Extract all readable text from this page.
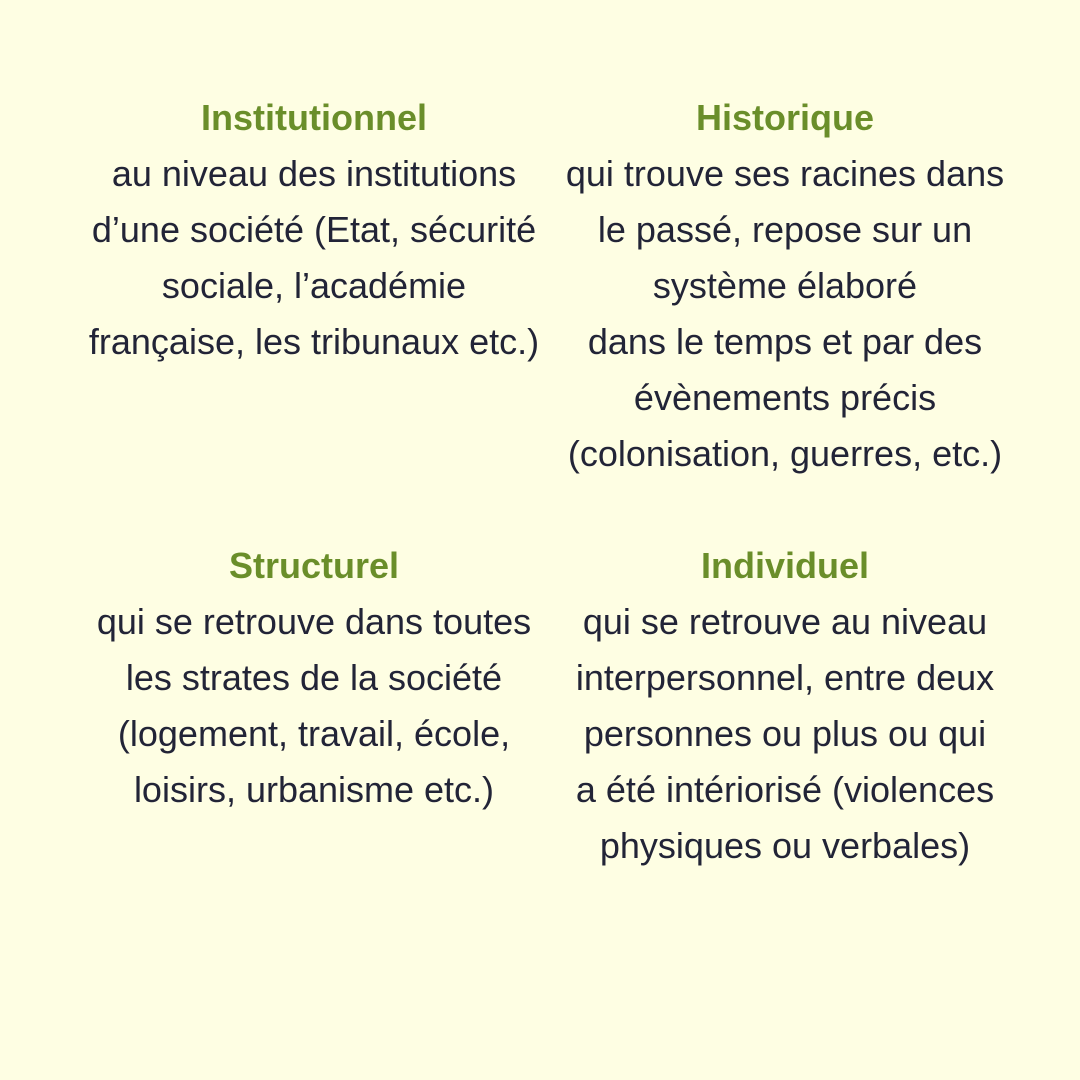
Institutionnel
au niveau des institutions
d’une société (Etat, sécurité
sociale, l’académie
française, les tribunaux etc.)
Historique
qui trouve ses racines dans
le passé, repose sur un
système élaboré
dans le temps et par des
évènements précis
(colonisation, guerres, etc.)
Structurel
qui se retrouve dans toutes
les strates de la société
(logement, travail, école,
loisirs, urbanisme etc.)
Individuel
qui se retrouve au niveau
interpersonnel, entre deux
personnes ou plus ou qui
a été intériorisé (violences
physiques ou verbales)
